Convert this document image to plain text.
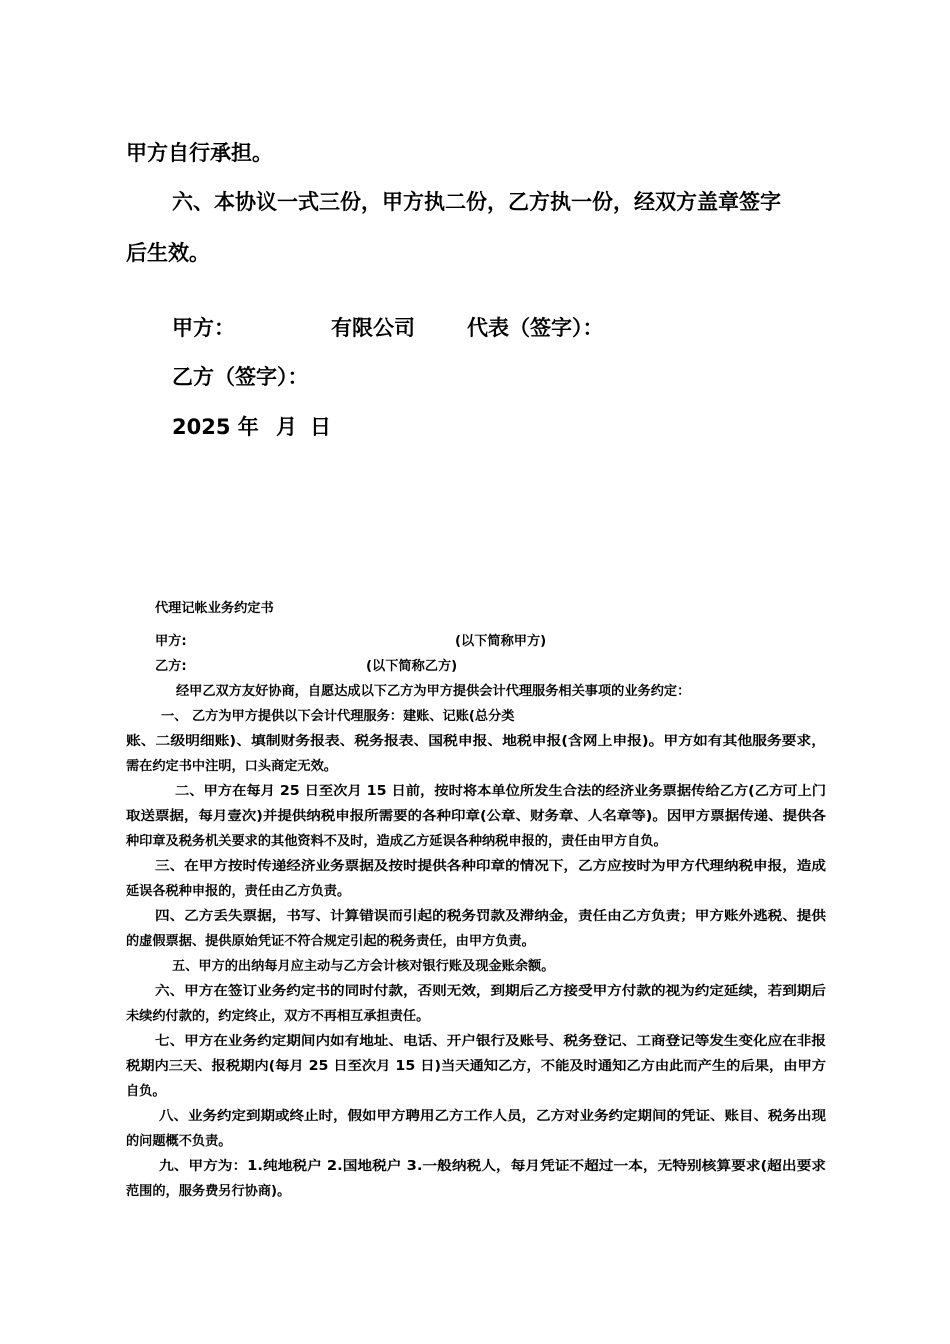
甲方自行承担。
六、本协议一式三份，甲方执二份，乙方执一份，经双方盖章签字
后生效。
甲方：	有限公司 代表（签字）：
乙方（签字）：
2025 年 月 日
代理记帐业务约定书
甲方:	(以下简称甲方)
乙方:	(以下简称乙方)
经甲乙双方友好协商，自愿达成以下乙方为甲方提供会计代理服务相关事项的业务约定：
一、 乙方为甲方提供以下会计代理服务：建账、记账(总分类
账、二级明细账)、填制财务报表、税务报表、国税申报、地税申报(含网上申报)。甲方如有其他服务要求，
需在约定书中注明，口头商定无效。
二、甲方在每月 25 日至次月 15 日前，按时将本单位所发生合法的经济业务票据传给乙方(乙方可上门
取送票据，每月壹次)并提供纳税申报所需要的各种印章(公章、财务章、人名章等)。因甲方票据传递、提供各
种印章及税务机关要求的其他资料不及时，造成乙方延误各种纳税申报的，责任由甲方自负。
三、在甲方按时传递经济业务票据及按时提供各种印章的情况下，乙方应按时为甲方代理纳税申报，造成
延误各税种申报的，责任由乙方负责。
四、乙方丢失票据，书写、计算错误而引起的税务罚款及滞纳金，责任由乙方负责；甲方账外逃税、提供
的虚假票据、提供原始凭证不符合规定引起的税务责任，由甲方负责。
五、甲方的出纳每月应主动与乙方会计核对银行账及现金账余额。
六、甲方在签订业务约定书的同时付款，否则无效，到期后乙方接受甲方付款的视为约定延续，若到期后
未续约付款的，约定终止，双方不再相互承担责任。
七、甲方在业务约定期间内如有地址、电话、开户银行及账号、税务登记、工商登记等发生变化应在非报
税期内三天、报税期内(每月 25 日至次月 15 日)当天通知乙方，不能及时通知乙方由此而产生的后果，由甲方
自负。
八、业务约定到期或终止时，假如甲方聘用乙方工作人员，乙方对业务约定期间的凭证、账目、税务出现
的问题概不负责。
九、甲方为：1.纯地税户 2.国地税户 3.一般纳税人，每月凭证不超过一本，无特别核算要求(超出要求
范围的，服务费另行协商)。
